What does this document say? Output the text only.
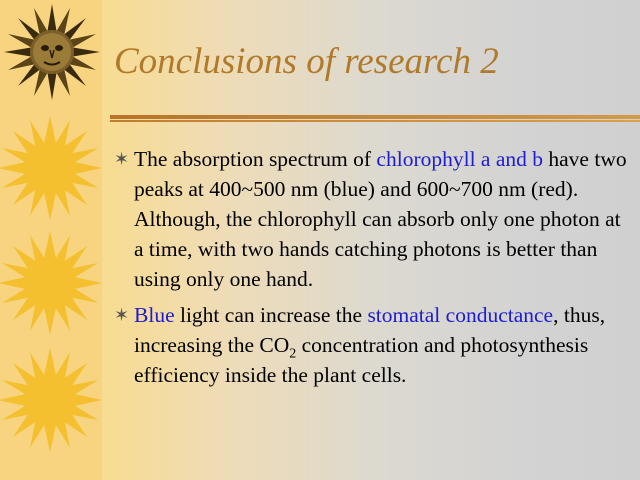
Conclusions of research 2
✶ The absorption spectrum of chlorophyll a and b have two peaks at 400~500 nm (blue) and 600~700 nm (red). Although, the chlorophyll can absorb only one photon at a time, with two hands catching photons is better than using only one hand.
✶ Blue light can increase the stomatal conductance, thus, increasing the $CO_2$ concentration and photosynthesis efficiency inside the plant cells.
